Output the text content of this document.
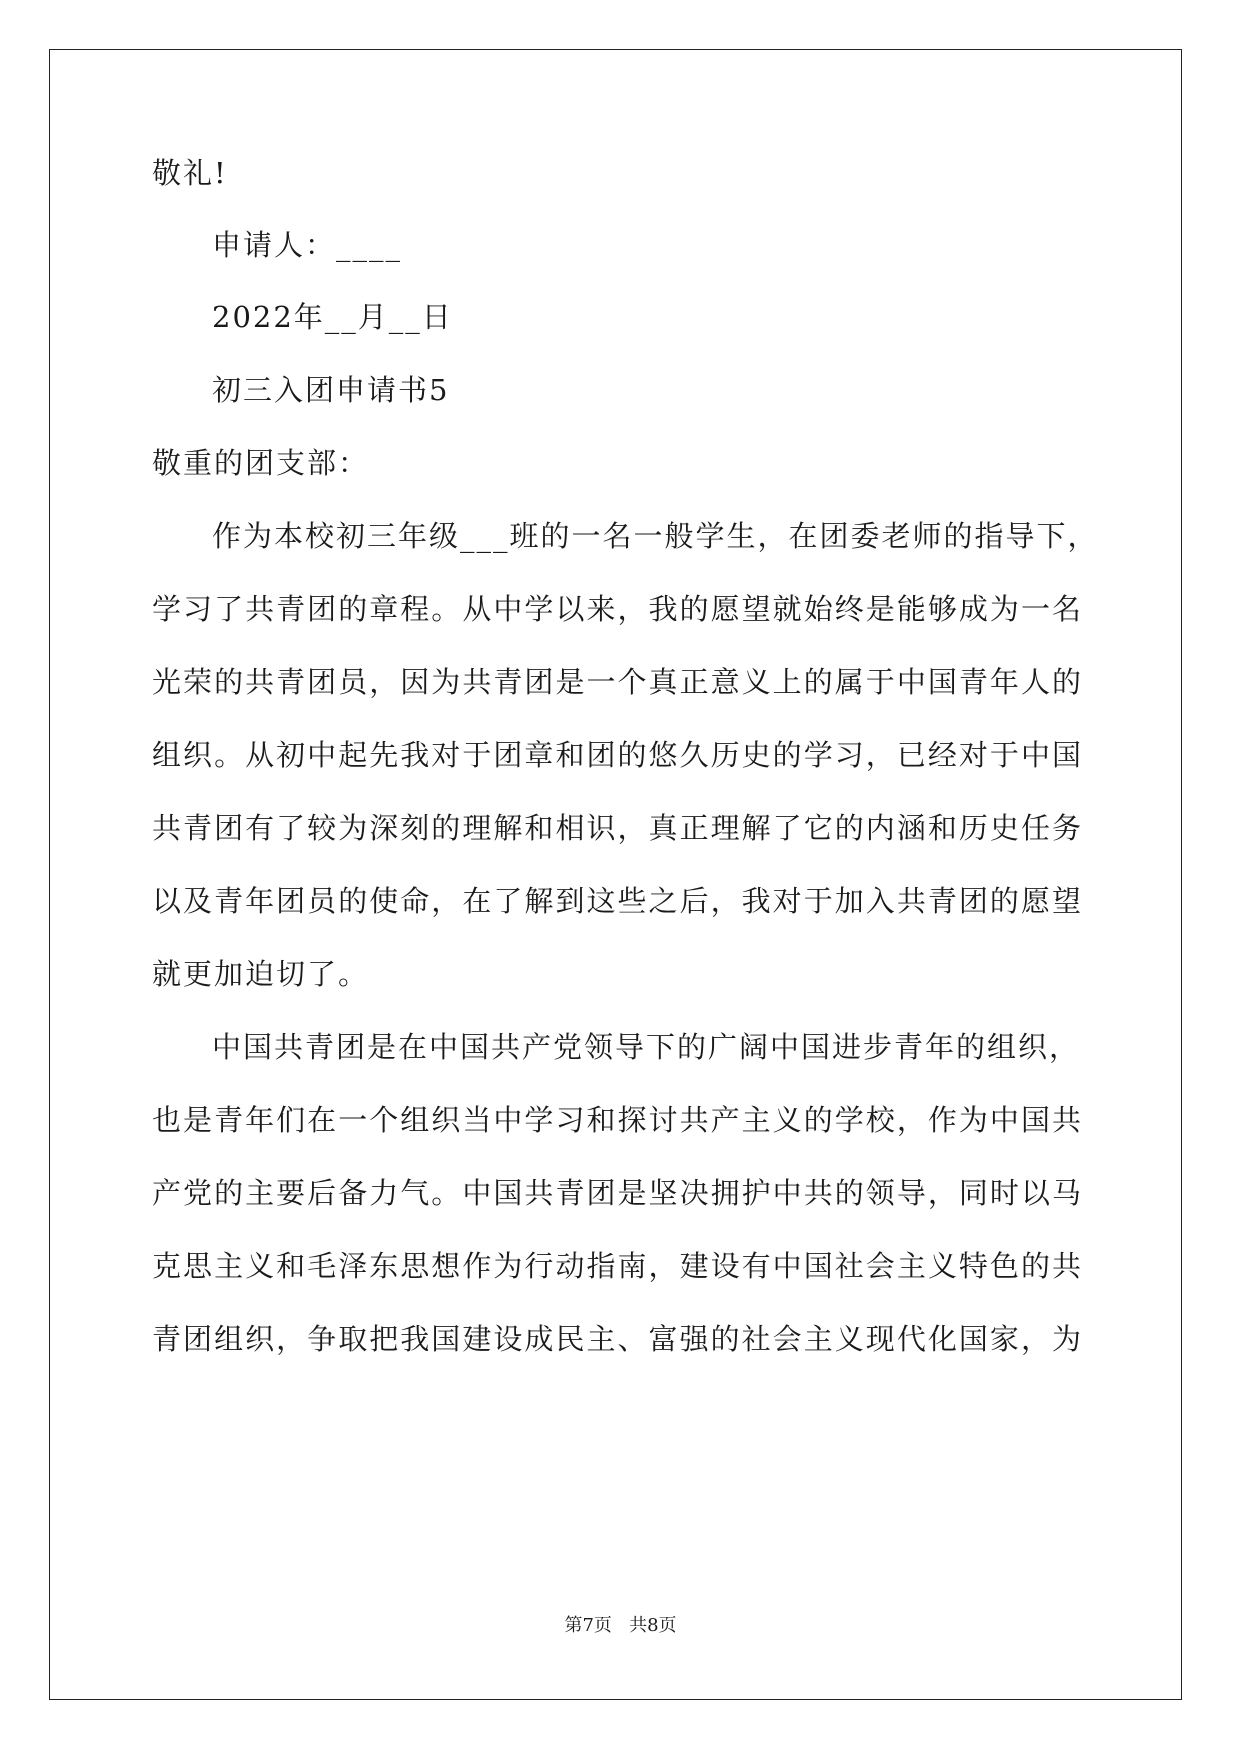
敬礼!
申请人：____
2022年__月__日
初三入团申请书5
敬重的团支部：
作为本校初三年级___班的一名一般学生，在团委老师的指导下，
学习了共青团的章程。从中学以来，我的愿望就始终是能够成为一名
光荣的共青团员，因为共青团是一个真正意义上的属于中国青年人的
组织。从初中起先我对于团章和团的悠久历史的学习，已经对于中国
共青团有了较为深刻的理解和相识，真正理解了它的内涵和历史任务
以及青年团员的使命，在了解到这些之后，我对于加入共青团的愿望
就更加迫切了。
中国共青团是在中国共产党领导下的广阔中国进步青年的组织，
也是青年们在一个组织当中学习和探讨共产主义的学校，作为中国共
产党的主要后备力气。中国共青团是坚决拥护中共的领导，同时以马
克思主义和毛泽东思想作为行动指南，建设有中国社会主义特色的共
青团组织，争取把我国建设成民主、富强的社会主义现代化国家，为
第7页   共8页
